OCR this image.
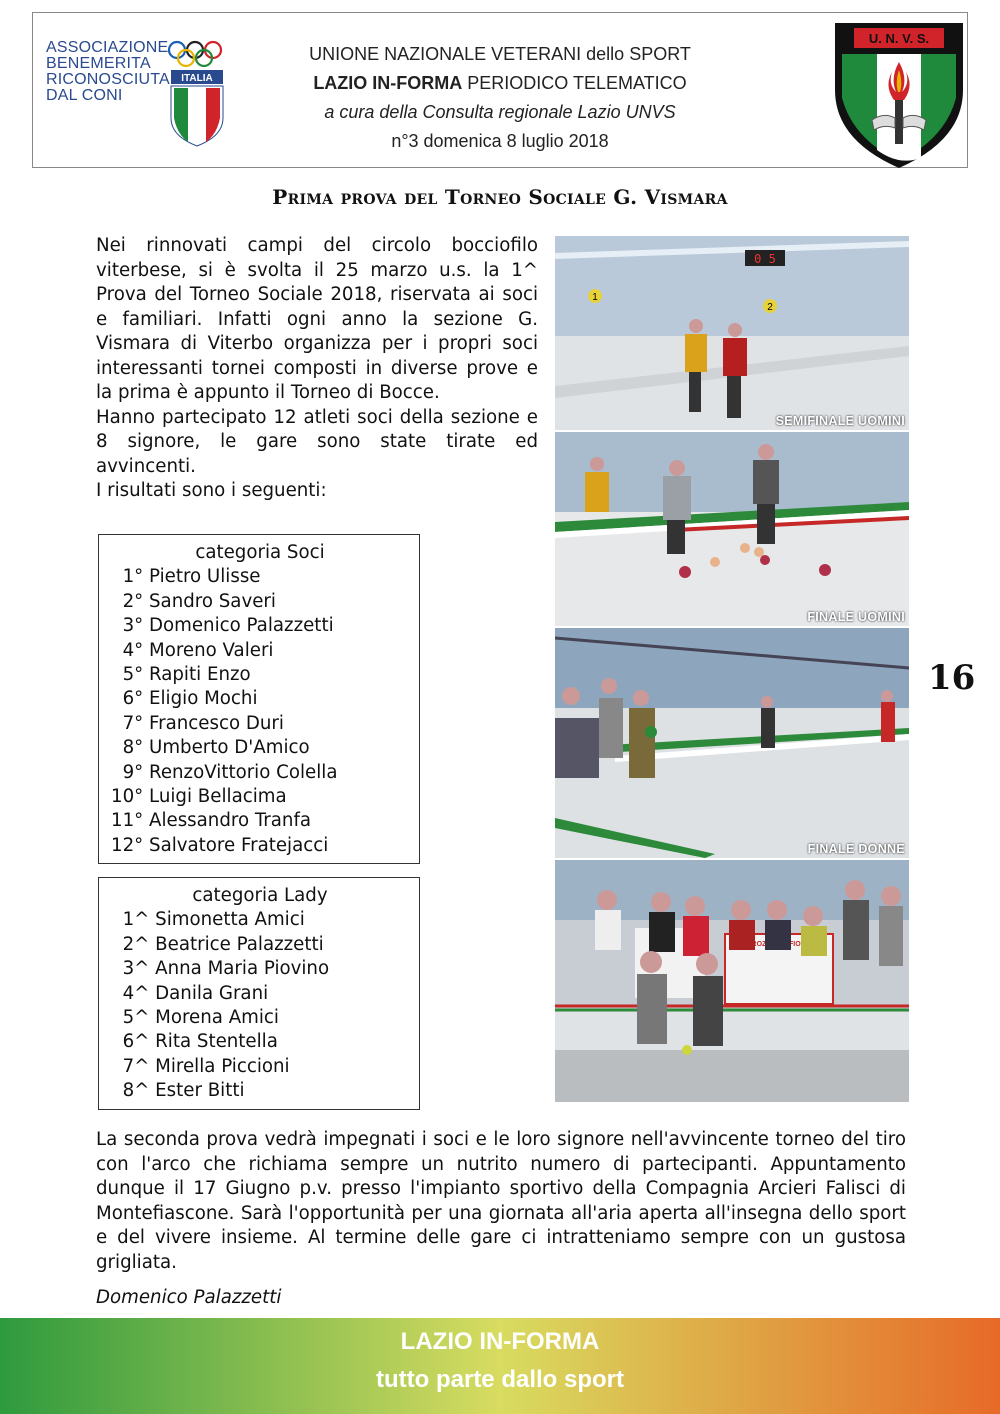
ASSOCIAZIONE
BENEMERITA
RICONOSCIUTA
DAL CONI
ITALIA
UNIONE NAZIONALE VETERANI dello SPORT
LAZIO IN-FORMA PERIODICO TELEMATICO
a cura della Consulta regionale Lazio UNVS
n°3 domenica 8 luglio 2018
U. N. V. S.
Prima prova del Torneo Sociale G. Vismara

Nei rinnovati campi del circolo bocciofilo viterbese, si è svolta il 25 marzo u.s. la 1^ Prova del Torneo Sociale 2018, riservata ai soci e familiari. Infatti ogni anno la sezione G. Vismara di Viterbo organizza per i propri soci interessanti tornei composti in diverse prove e la prima è appunto il Torneo di Bocce.

Hanno partecipato 12 atleti soci della sezione e 8 signore, le gare sono state tirate ed avvincenti.

I risultati sono i seguenti:

categoria Soci
1° Pietro Ulisse
2° Sandro Saveri
3° Domenico Palazzetti
4° Moreno Valeri
5° Rapiti Enzo
6° Eligio Mochi
7° Francesco Duri
8° Umberto D'Amico
9° RenzoVittorio Colella
10° Luigi Bellacima
11° Alessandro Tranfa
12° Salvatore Fratejacci
categoria Lady
1^ Simonetta Amici
2^ Beatrice Palazzetti
3^ Anna Maria Piovino
4^ Danila Grani
5^ Morena Amici
6^ Rita Stentella
7^ Mirella Piccioni
8^ Ester Bitti
0 5
1
2
SEMIFINALE UOMINI
FINALE UOMINI
FINALE DONNE
CARROZZERIA
16
La seconda prova vedrà impegnati i soci e le loro signore nell'avvincente torneo del tiro con l'arco che richiama sempre un nutrito numero di partecipanti. Appuntamento dunque il 17 Giugno p.v. presso l'impianto sportivo della Compagnia Arcieri Falisci di Montefiascone. Sarà l'opportunità per una giornata all'aria aperta all'insegna dello sport e del vivere insieme. Al termine delle gare ci intratteniamo sempre con un gustosa grigliata.
Domenico Palazzetti
LAZIO IN-FORMA
tutto parte dallo sport
